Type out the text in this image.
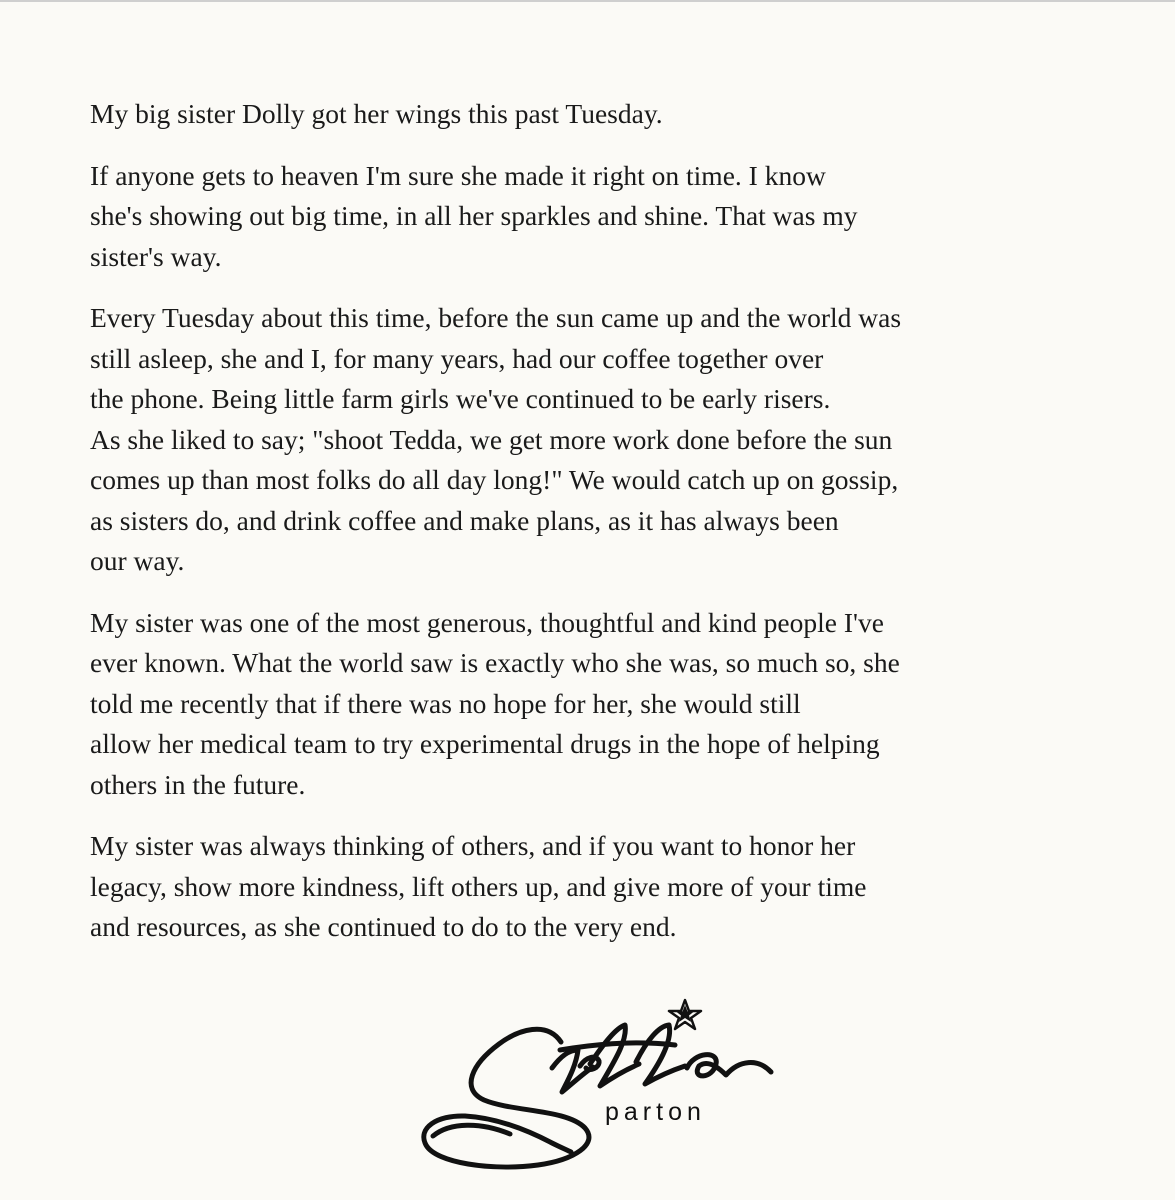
My big sister Dolly got her wings this past Tuesday.

If anyone gets to heaven I'm sure she made it right on time. I know
she's showing out big time, in all her sparkles and shine. That was my
sister's way.

Every Tuesday about this time, before the sun came up and the world was
still asleep, she and I, for many years, had our coffee together over
the phone. Being little farm girls we've continued to be early risers.
As she liked to say; "shoot Tedda, we get more work done before the sun
comes up than most folks do all day long!" We would catch up on gossip,
as sisters do, and drink coffee and make plans, as it has always been
our way.

My sister was one of the most generous, thoughtful and kind people I've
ever known. What the world saw is exactly who she was, so much so, she
told me recently that if there was no hope for her, she would still
allow her medical team to try experimental drugs in the hope of helping
others in the future.

My sister was always thinking of others, and if you want to honor her
legacy, show more kindness, lift others up, and give more of your time
and resources, as she continued to do to the very end.

parton
